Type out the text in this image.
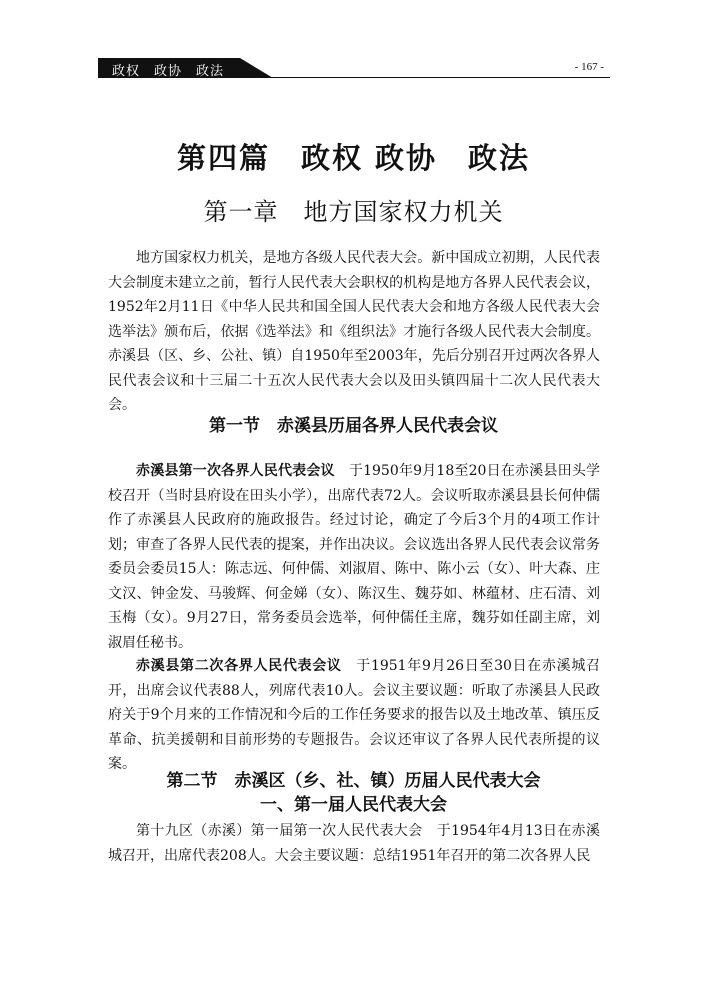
政权　政协　政法	- 167 -
第四篇　政权 政协　政法
第一章　地方国家权力机关

地方国家权力机关，是地方各级人民代表大会。新中国成立初期，人民代表大会制度未建立之前，暂行人民代表大会职权的机构是地方各界人民代表会议，1952年2月11日《中华人民共和国全国人民代表大会和地方各级人民代表大会选举法》颁布后，依据《选举法》和《组织法》才施行各级人民代表大会制度。赤溪县（区、乡、公社、镇）自1950年至2003年，先后分别召开过两次各界人民代表会议和十三届二十五次人民代表大会以及田头镇四届十二次人民代表大会。

第一节　赤溪县历届各界人民代表会议

赤溪县第一次各界人民代表会议　于1950年9月18至20日在赤溪县田头学校召开（当时县府设在田头小学），出席代表72人。会议听取赤溪县县长何仲儒作了赤溪县人民政府的施政报告。经过讨论，确定了今后3个月的4项工作计划；审查了各界人民代表的提案，并作出决议。会议选出各界人民代表会议常务委员会委员15人：陈志远、何仲儒、刘淑眉、陈中、陈小云（女）、叶大森、庄文汉、钟金发、马骏辉、何金娣（女）、陈汉生、魏芬如、林蕴材、庄石清、刘玉梅（女）。9月27日，常务委员会选举，何仲儒任主席，魏芬如任副主席，刘淑眉任秘书。

赤溪县第二次各界人民代表会议　于1951年9月26日至30日在赤溪城召开，出席会议代表88人，列席代表10人。会议主要议题：听取了赤溪县人民政府关于9个月来的工作情况和今后的工作任务要求的报告以及土地改革、镇压反革命、抗美援朝和目前形势的专题报告。会议还审议了各界人民代表所提的议案。

第二节　赤溪区（乡、社、镇）历届人民代表大会
一、第一届人民代表大会

第十九区（赤溪）第一届第一次人民代表大会　于1954年4月13日在赤溪城召开，出席代表208人。大会主要议题：总结1951年召开的第二次各界人民
